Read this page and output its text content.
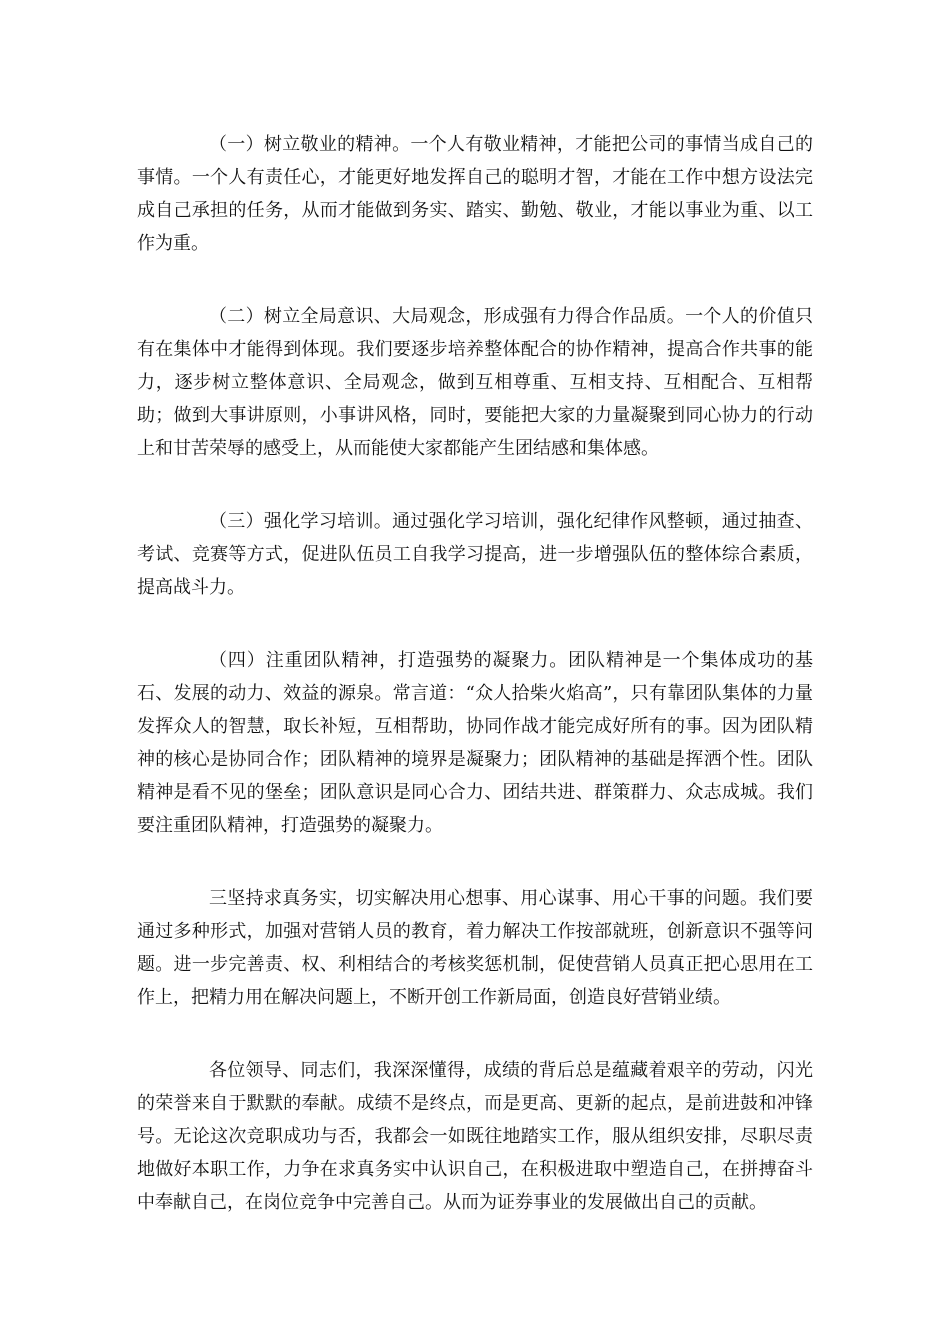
（一）树立敬业的精神。一个人有敬业精神，才能把公司的事情当成自己的事情。一个人有责任心，才能更好地发挥自己的聪明才智，才能在工作中想方设法完成自己承担的任务，从而才能做到务实、踏实、勤勉、敬业，才能以事业为重、以工作为重。

（二）树立全局意识、大局观念，形成强有力得合作品质。一个人的价值只有在集体中才能得到体现。我们要逐步培养整体配合的协作精神，提高合作共事的能力，逐步树立整体意识、全局观念，做到互相尊重、互相支持、互相配合、互相帮助；做到大事讲原则，小事讲风格，同时，要能把大家的力量凝聚到同心协力的行动上和甘苦荣辱的感受上，从而能使大家都能产生团结感和集体感。

（三）强化学习培训。通过强化学习培训，强化纪律作风整顿，通过抽查、考试、竞赛等方式，促进队伍员工自我学习提高，进一步增强队伍的整体综合素质，提高战斗力。

（四）注重团队精神，打造强势的凝聚力。团队精神是一个集体成功的基石、发展的动力、效益的源泉。常言道：“众人拾柴火焰高”，只有靠团队集体的力量发挥众人的智慧，取长补短，互相帮助，协同作战才能完成好所有的事。因为团队精神的核心是协同合作；团队精神的境界是凝聚力；团队精神的基础是挥洒个性。团队精神是看不见的堡垒；团队意识是同心合力、团结共进、群策群力、众志成城。我们要注重团队精神，打造强势的凝聚力。

三坚持求真务实，切实解决用心想事、用心谋事、用心干事的问题。我们要通过多种形式，加强对营销人员的教育，着力解决工作按部就班，创新意识不强等问题。进一步完善责、权、利相结合的考核奖惩机制，促使营销人员真正把心思用在工作上，把精力用在解决问题上，不断开创工作新局面，创造良好营销业绩。

各位领导、同志们，我深深懂得，成绩的背后总是蕴藏着艰辛的劳动，闪光的荣誉来自于默默的奉献。成绩不是终点，而是更高、更新的起点，是前进鼓和冲锋号。无论这次竞职成功与否，我都会一如既往地踏实工作，服从组织安排，尽职尽责地做好本职工作，力争在求真务实中认识自己，在积极进取中塑造自己，在拼搏奋斗中奉献自己，在岗位竞争中完善自己。从而为证券事业的发展做出自己的贡献。
